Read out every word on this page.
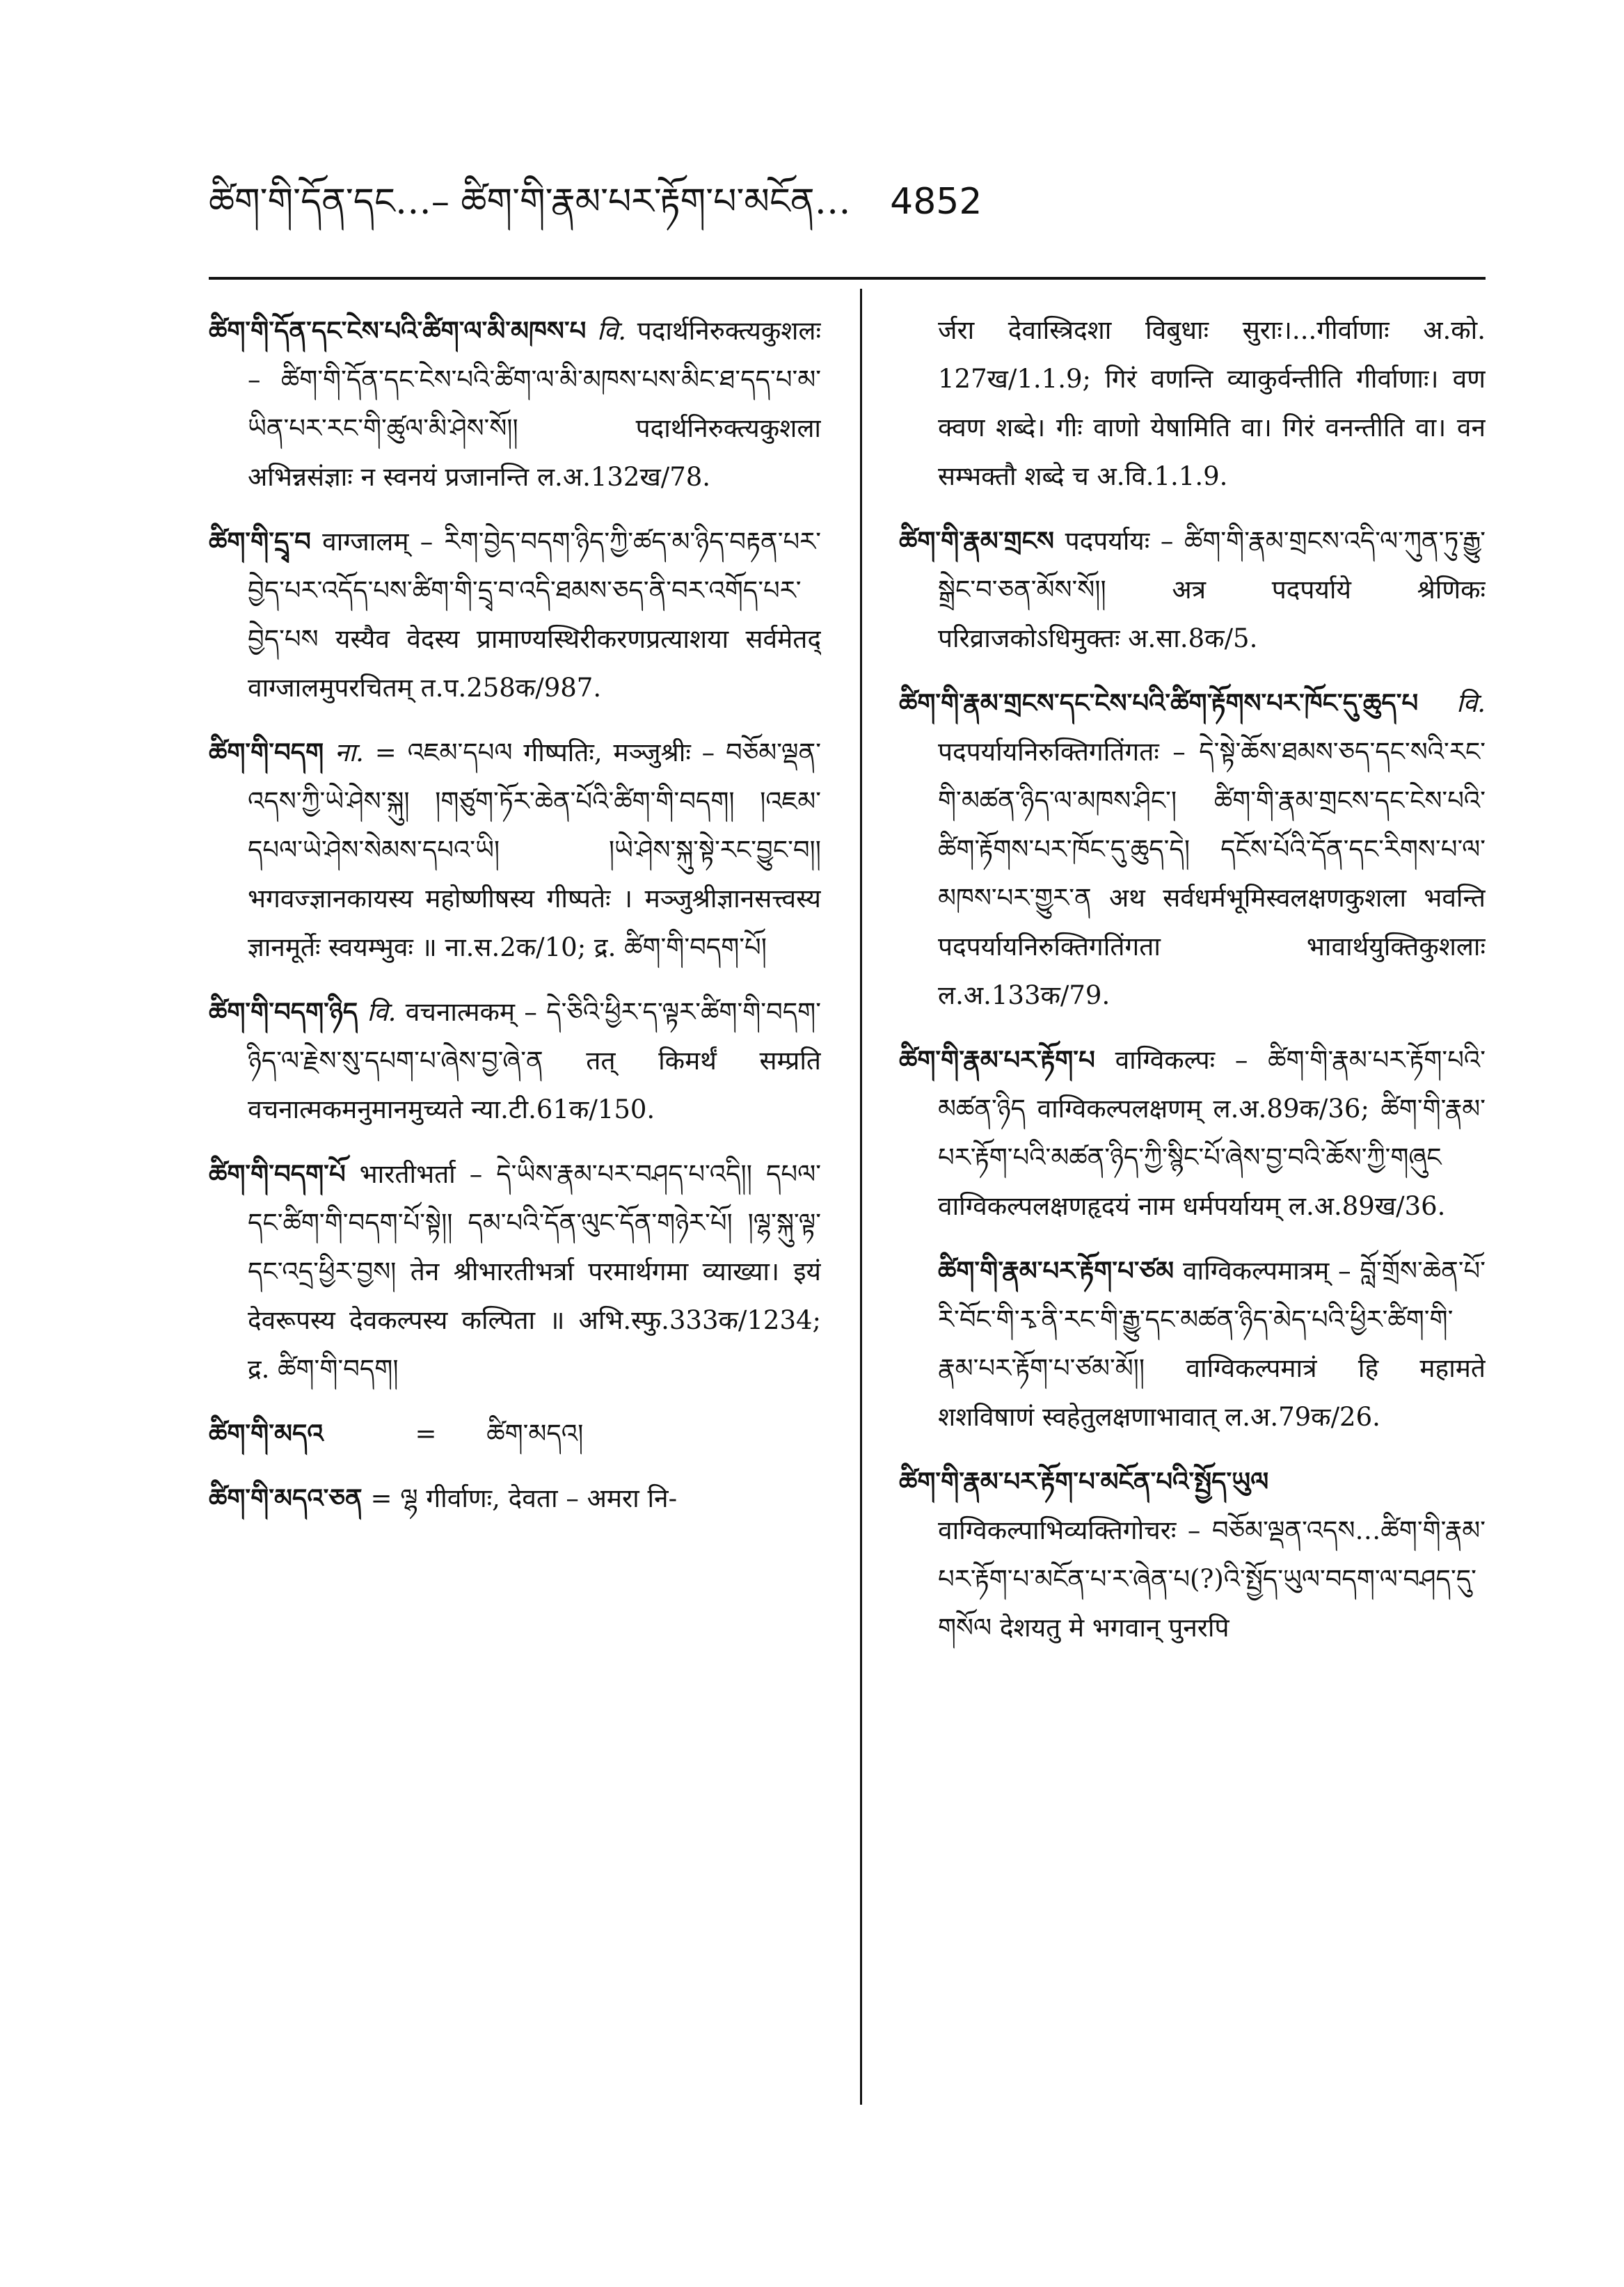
ཚིག་གི་དོན་དང…– ཚིག་གི་རྣམ་པར་རྟོག་པ་མངོན… 4852

ཚིག་གི་དོན་དང་ངེས་པའི་ཚིག་ལ་མི་མཁས་པ वि. पदार्थनिरुक्त्यकुशलः – ཚིག་གི་དོན་དང་ངེས་པའི་ཚིག་ལ་མི་མཁས་པས་མིང་ཐ་དད་པ་མ་ཡིན་པར་རང་གི་ཚུལ་མི་ཤེས་སོ།། पदार्थनिरुक्त्यकुशला अभिन्नसंज्ञाः न स्वनयं प्रजानन्ति ल.अ.132ख/78.

ཚིག་གི་དྲྭ་བ वाग्जालम् – རིག་བྱེད་བདག་ཉིད་ཀྱི་ཚད་མ་ཉིད་བརྟན་པར་བྱེད་པར་འདོད་པས་ཚིག་གི་དྲྭ་བ་འདི་ཐམས་ཅད་ནི་བར་འགོད་པར་བྱེད་པས यस्यैव वेदस्य प्रामाण्यस्थिरीकरणप्रत्याशया सर्वमेतद् वाग्जालमुपरचितम् त.प.258क/987.

ཚིག་གི་བདག ना. = འཇམ་དཔལ गीष्पतिः, मञ्जुश्रीः – བཅོམ་ལྡན་འདས་ཀྱི་ཡེ་ཤེས་སྐུ། །གཙུག་ཏོར་ཆེན་པོའི་ཚིག་གི་བདག། །འཇམ་དཔལ་ཡེ་ཤེས་སེམས་དཔའ་ཡི། །ཡེ་ཤེས་སྐུ་སྟེ་རང་བྱུང་བ།། भगवज्ज्ञानकायस्य महोष्णीषस्य गीष्पतेः । मञ्जुश्रीज्ञानसत्त्वस्य ज्ञानमूर्तेः स्वयम्भुवः ॥ ना.स.2क/10; द्र. ཚིག་གི་བདག་པོ།

ཚིག་གི་བདག་ཉིད वि. वचनात्मकम् – དེ་ཅིའི་ཕྱིར་ད་ལྟར་ཚིག་གི་བདག་ཉིད་ལ་རྗེས་སུ་དཔག་པ་ཞེས་བྱ་ཞེ་ན तत् किमर्थं सम्प्रति वचनात्मकमनुमानमुच्यते न्या.टी.61क/150.

ཚིག་གི་བདག་པོ भारतीभर्ता – དེ་ཡིས་རྣམ་པར་བཤད་པ་འདི།། དཔལ་དང་ཚིག་གི་བདག་པོ་སྟེ།། དམ་པའི་དོན་ལུང་དོན་གཉེར་པོ། །ལྷ་སྐུ་ལྟ་དང་འདྲ་ཕྱིར་བྱས། तेन श्रीभारतीभर्त्रा परमार्थगमा व्याख्या। इयं देवरूपस्य देवकल्पस्य कल्पिता ॥ अभि.स्फु.333क/1234; द्र. ཚིག་གི་བདག།

ཚིག་གི་མདའ	= ཚིག་མདའ།

ཚིག་གི་མདའ་ཅན = ལྷ गीर्वाणः, देवता – अमरा नि-

र्जरा देवास्त्रिदशा विबुधाः सुराः।...गीर्वाणाः अ.को. 127ख/1.1.9; गिरं वणन्ति व्याकुर्वन्तीति गीर्वाणाः। वण क्वण शब्दे। गीः वाणो येषामिति वा। गिरं वनन्तीति वा। वन सम्भक्तौ शब्दे च अ.वि.1.1.9.

ཚིག་གི་རྣམ་གྲངས पदपर्यायः – ཚིག་གི་རྣམ་གྲངས་འདི་ལ་ཀུན་ཏུ་རྒྱུ་སྒྲེང་བ་ཅན་མོས་སོ།། अत्र पदपर्याये श्रेणिकः परिव्राजकोऽधिमुक्तः अ.सा.8क/5.

ཚིག་གི་རྣམ་གྲངས་དང་ངེས་པའི་ཚིག་རྟོགས་པར་ཁོང་དུ་ཆུད་པ वि. पदपर्यायनिरुक्तिगतिंगतः – དེ་སྟེ་ཆོས་ཐམས་ཅད་དང་སའི་རང་གི་མཚན་ཉིད་ལ་མཁས་ཤིང་། ཚིག་གི་རྣམ་གྲངས་དང་ངེས་པའི་ཚིག་རྟོགས་པར་ཁོང་དུ་ཆུད་དེ། དངོས་པོའི་དོན་དང་རིགས་པ་ལ་མཁས་པར་གྱུར་ན अथ सर्वधर्मभूमिस्वलक्षणकुशला भवन्ति पदपर्यायनिरुक्तिगतिंगता भावार्थयुक्तिकुशलाः ल.अ.133क/79.

ཚིག་གི་རྣམ་པར་རྟོག་པ वाग्विकल्पः – ཚིག་གི་རྣམ་པར་རྟོག་པའི་མཚན་ཉིད वाग्विकल्पलक्षणम् ल.अ.89क/36; ཚིག་གི་རྣམ་པར་རྟོག་པའི་མཚན་ཉིད་ཀྱི་སྙིང་པོ་ཞེས་བྱ་བའི་ཆོས་ཀྱི་གཞུང वाग्विकल्पलक्षणहृदयं नाम धर्मपर्यायम् ल.अ.89ख/36.

ཚིག་གི་རྣམ་པར་རྟོག་པ་ཙམ वाग्विकल्पमात्रम् – བློ་གྲོས་ཆེན་པོ་རི་བོང་གི་རྭ་ནི་རང་གི་རྒྱུ་དང་མཚན་ཉིད་མེད་པའི་ཕྱིར་ཚིག་གི་རྣམ་པར་རྟོག་པ་ཙམ་མོ།། वाग्विकल्पमात्रं हि महामते शशविषाणं स्वहेतुलक्षणाभावात् ल.अ.79क/26.

ཚིག་གི་རྣམ་པར་རྟོག་པ་མངོན་པའི་སྤྱོད་ཡུལ वाग्विकल्पाभिव्यक्तिगोचरः – བཅོམ་ལྡན་འདས…ཚིག་གི་རྣམ་པར་རྟོག་པ་མངོན་པ་ར་ཞེན་པ(?)འི་སྤྱོད་ཡུལ་བདག་ལ་བཤད་དུ་གསོལ देशयतु मे भगवान् पुनरपि
